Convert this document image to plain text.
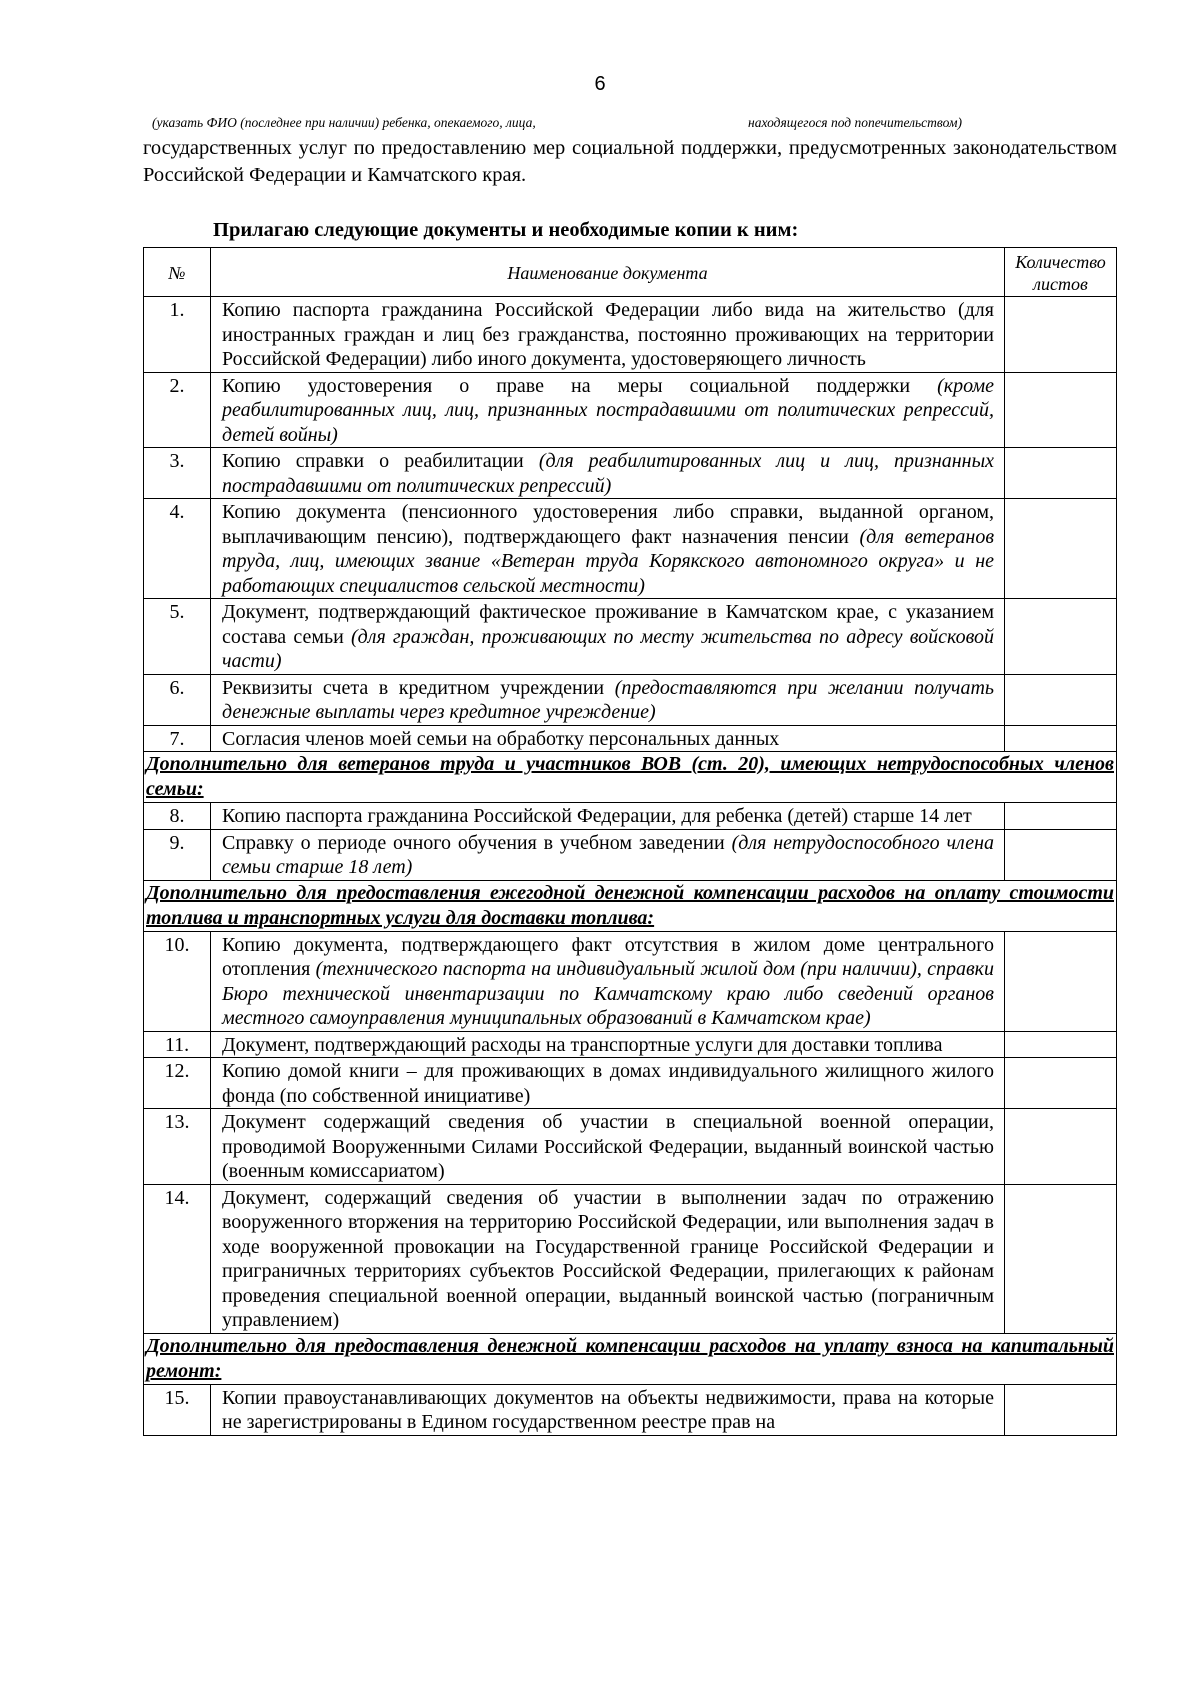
6
(указать ФИО (последнее при наличии) ребенка, опекаемого, лица,	находящегося под попечительством)

государственных услуг по предоставлению мер социальной поддержки, предусмотренных законодательством Российской Федерации и Камчатского края.

Прилагаю следующие документы и необходимые копии к ним:

№	Наименование документа	Количество листов
1.	Копию паспорта гражданина Российской Федерации либо вида на жительство (для иностранных граждан и лиц без гражданства, постоянно проживающих на территории Российской Федерации) либо иного документа, удостоверяющего личность	
2.	Копию удостоверения о праве на меры социальной поддержки (кроме реабилитированных лиц, лиц, признанных пострадавшими от политических репрессий, детей войны)	
3.	Копию справки о реабилитации (для реабилитированных лиц и лиц, признанных пострадавшими от политических репрессий)	
4.	Копию документа (пенсионного удостоверения либо справки, выданной органом, выплачивающим пенсию), подтверждающего факт назначения пенсии (для ветеранов труда, лиц, имеющих звание «Ветеран труда Корякского автономного округа» и не работающих специалистов сельской местности)	
5.	Документ, подтверждающий фактическое проживание в Камчатском крае, с указанием состава семьи (для граждан, проживающих по месту жительства по адресу войсковой части)	
6.	Реквизиты счета в кредитном учреждении (предоставляются при желании получать денежные выплаты через кредитное учреждение)	
7.	Согласия членов моей семьи на обработку персональных данных	
Дополнительно для ветеранов труда и участников ВОВ (ст. 20), имеющих нетрудоспособных членов семьи:		
8.	Копию паспорта гражданина Российской Федерации, для ребенка (детей) старше 14 лет	
9.	Справку о периоде очного обучения в учебном заведении (для нетрудоспособного члена семьи старше 18 лет)	
Дополнительно для предоставления ежегодной денежной компенсации расходов на оплату стоимости топлива и транспортных услуги для доставки топлива:		
10.	Копию документа, подтверждающего факт отсутствия в жилом доме центрального отопления (технического паспорта на индивидуальный жилой дом (при наличии), справки Бюро технической инвентаризации по Камчатскому краю либо сведений органов местного самоуправления муниципальных образований в Камчатском крае)	
11.	Документ, подтверждающий расходы на транспортные услуги для доставки топлива	
12.	Копию домой книги – для проживающих в домах индивидуального жилищного жилого фонда (по собственной инициативе)	
13.	Документ содержащий сведения об участии в специальной военной операции, проводимой Вооруженными Силами Российской Федерации, выданный воинской частью (военным комиссариатом)	
14.	Документ, содержащий сведения об участии в выполнении задач по отражению вооруженного вторжения на территорию Российской Федерации, или выполнения задач в ходе вооруженной провокации на Государственной границе Российской Федерации и приграничных территориях субъектов Российской Федерации, прилегающих к районам проведения специальной военной операции, выданный воинской частью (пограничным управлением)	
Дополнительно для предоставления денежной компенсации расходов на уплату взноса на капитальный ремонт:		
15.	Копии правоустанавливающих документов на объекты недвижимости, права на которые не зарегистрированы в Едином государственном реестре прав на	
